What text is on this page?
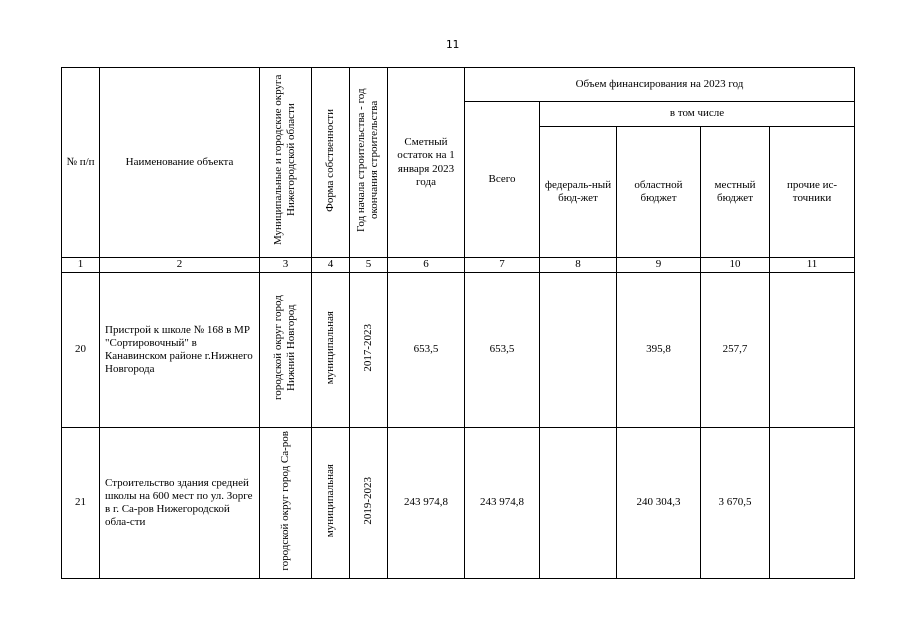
11
№ п/п	Наименование объекта	Муниципальные и городские округа Нижегородской области	Форма собственности	Год начала строительства - год окончания строительства	Сметный остаток на 1 января 2023 года	Объем финансирования на 2023 год				
						Всего	в том числе			
							федераль-ный бюд-жет	областной бюджет	местный бюджет	прочие ис-точники
1	2	3	4	5	6	7	8	9	10	11
20	Пристрой к школе № 168 в МР "Сортировочный" в Канавинском районе г.Нижнего Новгорода	городской округ город Нижний Новгород	муниципальная	2017-2023	653,5	653,5		395,8	257,7	
21	Строительство здания средней школы на 600 мест по ул. Зорге в г. Са-ров Нижегородской обла-сти	городской округ город Са-ров	муниципальная	2019-2023	243 974,8	243 974,8		240 304,3	3 670,5	
